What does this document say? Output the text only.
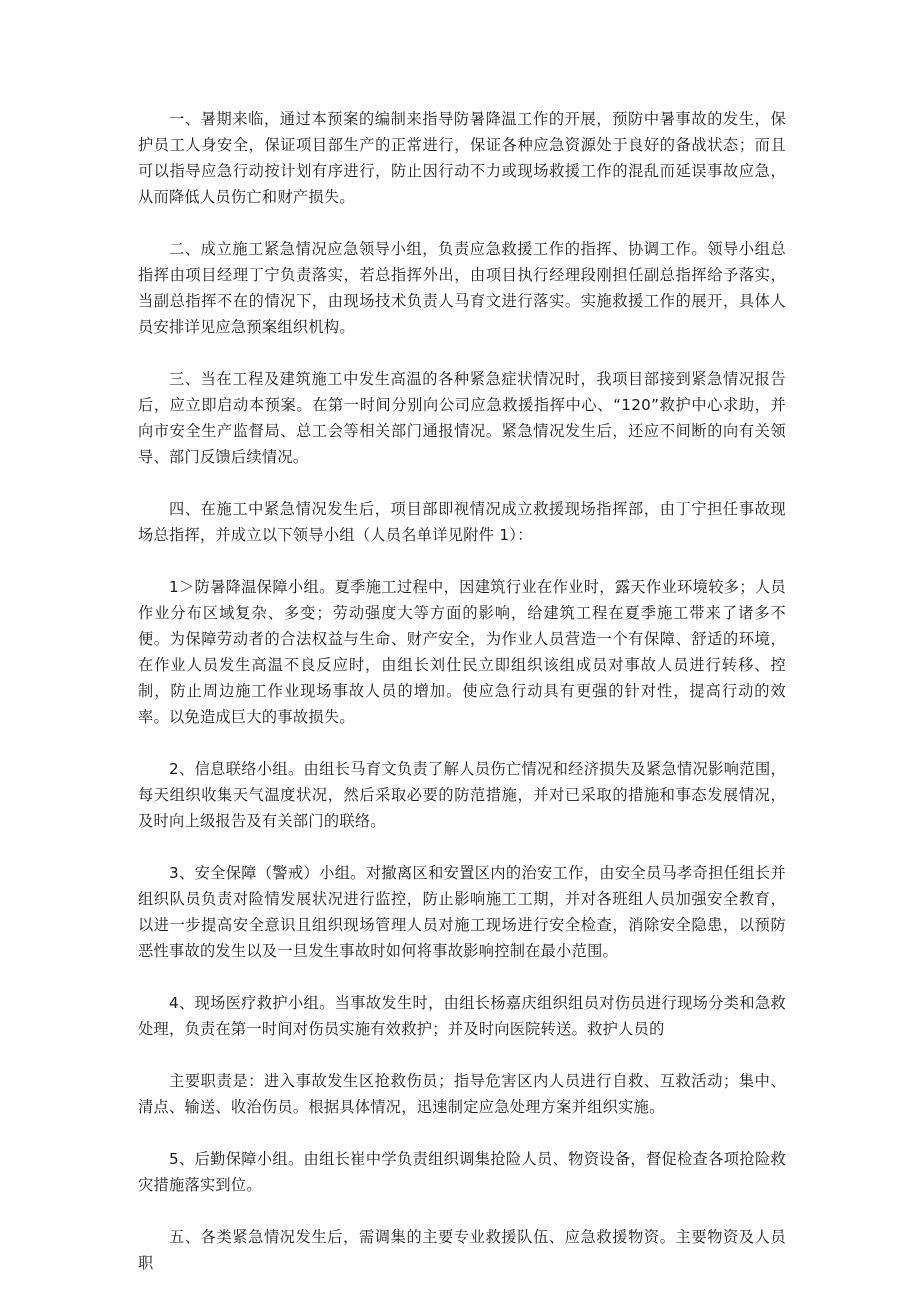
一、暑期来临，通过本预案的编制来指导防暑降温工作的开展，预防中暑事故的发生，保护员工人身安全，保证项目部生产的正常进行，保证各种应急资源处于良好的备战状态；而且可以指导应急行动按计划有序进行，防止因行动不力或现场救援工作的混乱而延误事故应急，从而降低人员伤亡和财产损失。

二、成立施工紧急情况应急领导小组，负责应急救援工作的指挥、协调工作。领导小组总指挥由项目经理丁宁负责落实，若总指挥外出，由项目执行经理段刚担任副总指挥给予落实，当副总指挥不在的情况下，由现场技术负责人马育文进行落实。实施救援工作的展开，具体人员安排详见应急预案组织机构。

三、当在工程及建筑施工中发生高温的各种紧急症状情况时，我项目部接到紧急情况报告后，应立即启动本预案。在第一时间分别向公司应急救援指挥中心、“120”救护中心求助，并向市安全生产监督局、总工会等相关部门通报情况。紧急情况发生后，还应不间断的向有关领导、部门反馈后续情况。

四、在施工中紧急情况发生后，项目部即视情况成立救援现场指挥部，由丁宁担任事故现场总指挥，并成立以下领导小组（人员名单详见附件 1）：

1＞防暑降温保障小组。夏季施工过程中，因建筑行业在作业时，露天作业环境较多；人员作业分布区域复杂、多变；劳动强度大等方面的影响，给建筑工程在夏季施工带来了诸多不便。为保障劳动者的合法权益与生命、财产安全，为作业人员营造一个有保障、舒适的环境，在作业人员发生高温不良反应时，由组长刘仕民立即组织该组成员对事故人员进行转移、控制，防止周边施工作业现场事故人员的增加。使应急行动具有更强的针对性，提高行动的效率。以免造成巨大的事故损失。

2、信息联络小组。由组长马育文负责了解人员伤亡情况和经济损失及紧急情况影响范围，每天组织收集天气温度状况，然后采取必要的防范措施，并对已采取的措施和事态发展情况，及时向上级报告及有关部门的联络。

3、安全保障（警戒）小组。对撤离区和安置区内的治安工作，由安全员马孝奇担任组长并组织队员负责对险情发展状况进行监控，防止影响施工工期，并对各班组人员加强安全教育，以进一步提高安全意识且组织现场管理人员对施工现场进行安全检查，消除安全隐患，以预防恶性事故的发生以及一旦发生事故时如何将事故影响控制在最小范围。

4、现场医疗救护小组。当事故发生时，由组长杨嘉庆组织组员对伤员进行现场分类和急救处理，负责在第一时间对伤员实施有效救护；并及时向医院转送。救护人员的

主要职责是：进入事故发生区抢救伤员；指导危害区内人员进行自救、互救活动；集中、清点、输送、收治伤员。根据具体情况，迅速制定应急处理方案并组织实施。

5、后勤保障小组。由组长崔中学负责组织调集抢险人员、物资设备，督促检查各项抢险救灾措施落实到位。

五、各类紧急情况发生后，需调集的主要专业救援队伍、应急救援物资。主要物资及人员职
